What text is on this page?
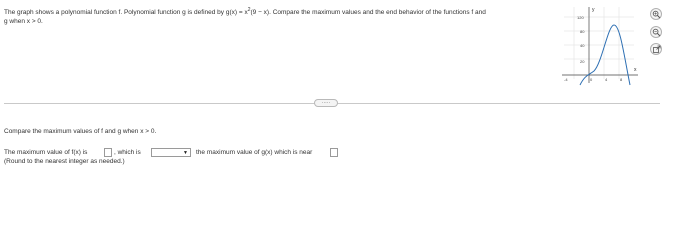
The graph shows a polynomial function f. Polynomial function g is defined by $g(x) = x^2(9 - x)$. Compare the maximum values and the end behavior of the functions f and
g when x > 0.
y
x
120
80
40
20
-4	0	4	8
·····
Compare the maximum values of f and g when x > 0.
The maximum value of f(x) is	, which is	▼ the maximum value of g(x) which is near
(Round to the nearest integer as needed.)
